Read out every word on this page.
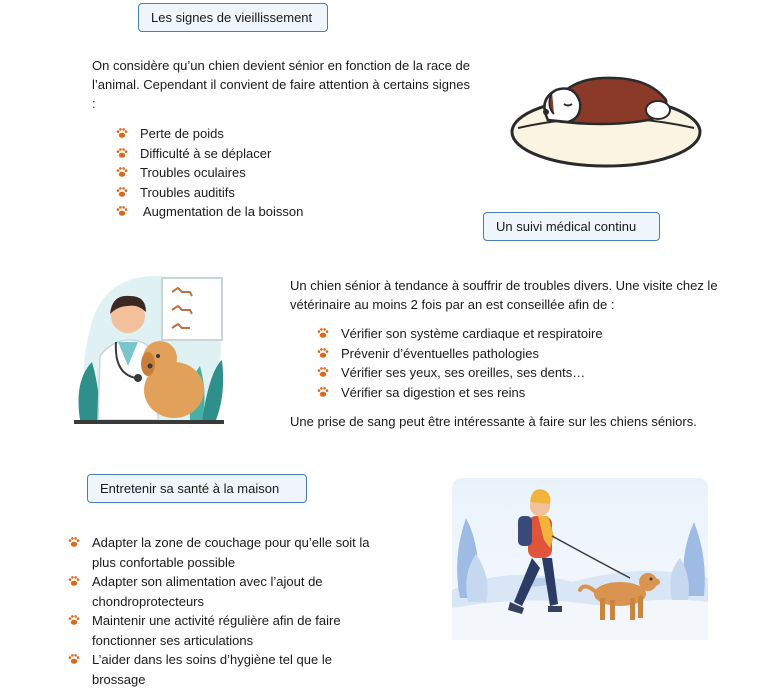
Les signes de vieillissement

On considère qu’un chien devient sénior en fonction de la race de l’animal. Cependant il convient de faire attention à certains signes :

Perte de poids
Difficulté à se déplacer
Troubles oculaires
Troubles auditifs
Augmentation de la boisson
Un suivi médical continu

Un chien sénior à tendance à souffrir de troubles divers. Une visite chez le vétérinaire au moins 2 fois par an est conseillée afin de :

Vérifier son système cardiaque et respiratoire
Prévenir d’éventuelles pathologies
Vérifier ses yeux, ses oreilles, ses dents…
Vérifier sa digestion et ses reins

Une prise de sang peut être intéressante à faire sur les chiens séniors.

Entretenir sa santé à la maison
Adapter la zone de couchage pour qu’elle soit la plus confortable possible
Adapter son alimentation avec l’ajout de chondroprotecteurs
Maintenir une activité régulière afin de faire fonctionner ses articulations
L’aider dans les soins d’hygiène tel que le brossage
